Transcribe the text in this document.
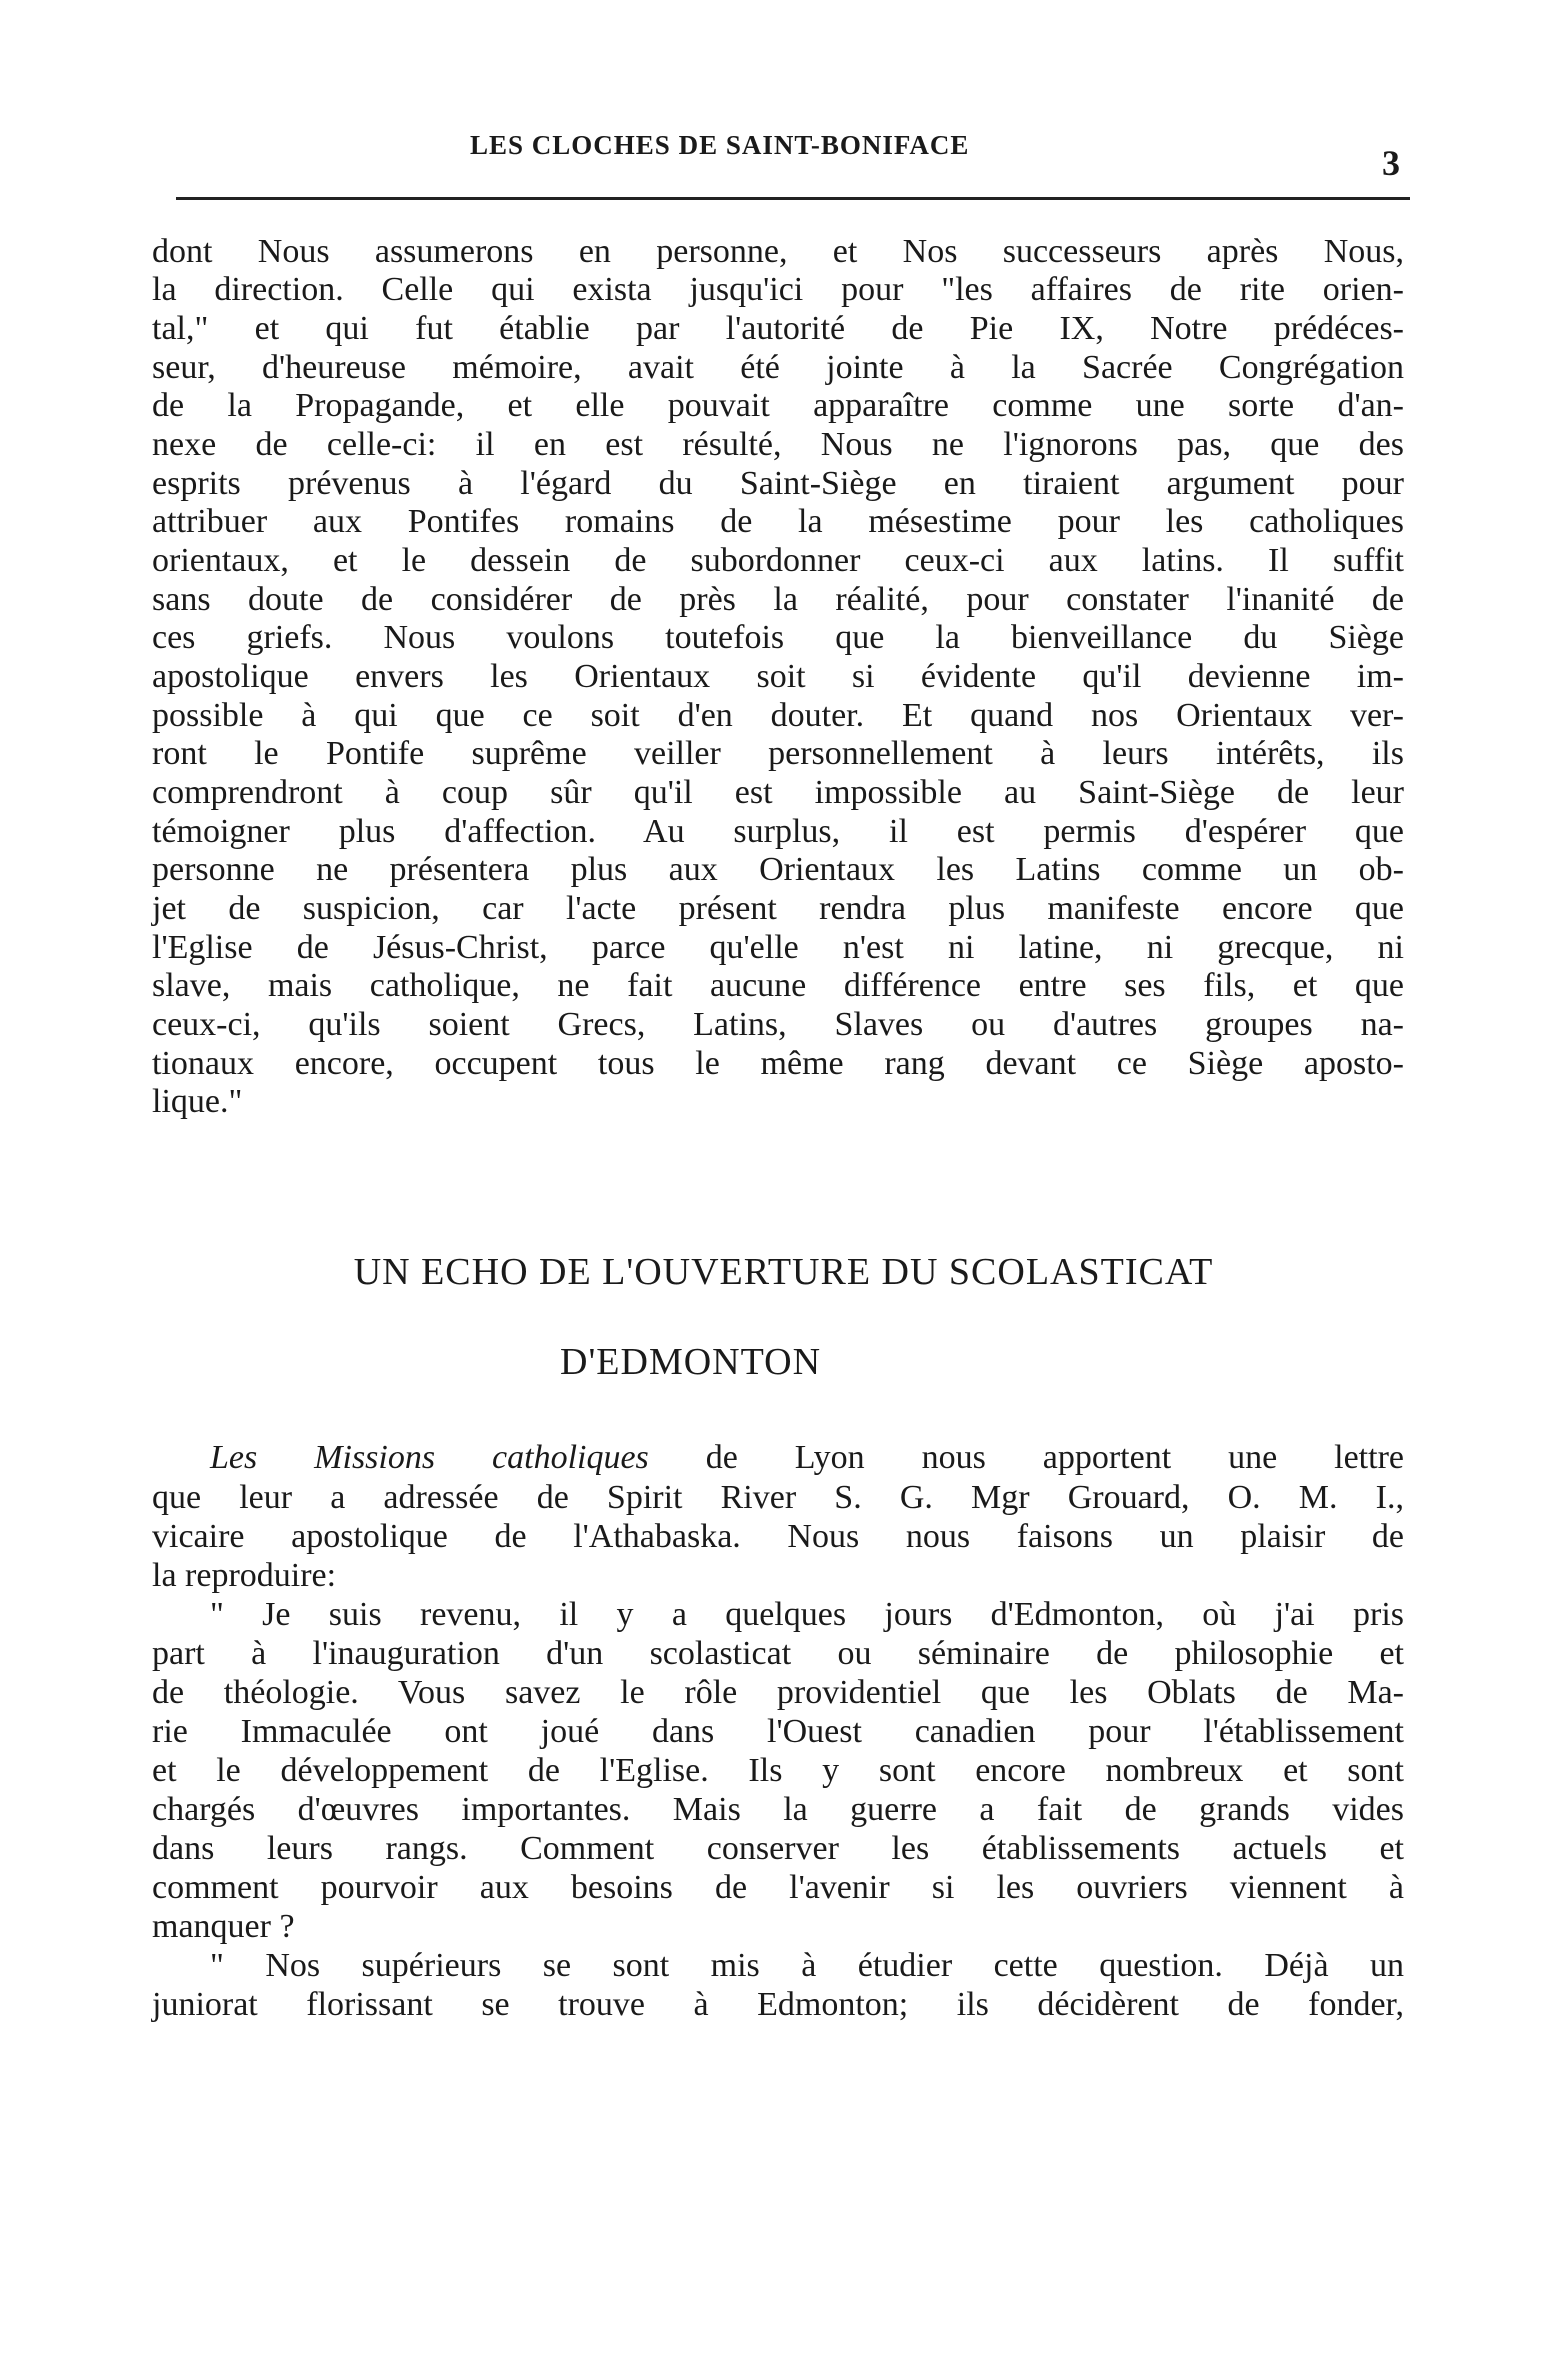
LES CLOCHES DE SAINT-BONIFACE	3
dont Nous assumerons en personne, et Nos successeurs après Nous,
la direction. Celle qui exista jusqu'ici pour "les affaires de rite orien-
tal," et qui fut établie par l'autorité de Pie IX, Notre prédéces-
seur, d'heureuse mémoire, avait été jointe à la Sacrée Congrégation
de la Propagande, et elle pouvait apparaître comme une sorte d'an-
nexe de celle-ci: il en est résulté, Nous ne l'ignorons pas, que des
esprits prévenus à l'égard du Saint-Siège en tiraient argument pour
attribuer aux Pontifes romains de la mésestime pour les catholiques
orientaux, et le dessein de subordonner ceux-ci aux latins. Il suffit
sans doute de considérer de près la réalité, pour constater l'inanité de
ces griefs. Nous voulons toutefois que la bienveillance du Siège
apostolique envers les Orientaux soit si évidente qu'il devienne im-
possible à qui que ce soit d'en douter. Et quand nos Orientaux ver-
ront le Pontife suprême veiller personnellement à leurs intérêts, ils
comprendront à coup sûr qu'il est impossible au Saint-Siège de leur
témoigner plus d'affection. Au surplus, il est permis d'espérer que
personne ne présentera plus aux Orientaux les Latins comme un ob-
jet de suspicion, car l'acte présent rendra plus manifeste encore que
l'Eglise de Jésus-Christ, parce qu'elle n'est ni latine, ni grecque, ni
slave, mais catholique, ne fait aucune différence entre ses fils, et que
ceux-ci, qu'ils soient Grecs, Latins, Slaves ou d'autres groupes na-
tionaux encore, occupent tous le même rang devant ce Siège aposto-
lique."
UN ECHO DE L'OUVERTURE DU SCOLASTICAT
D'EDMONTON
Les Missions catholiques de Lyon nous apportent une lettre
que leur a adressée de Spirit River S. G. Mgr Grouard, O. M. I.,
vicaire apostolique de l'Athabaska. Nous nous faisons un plaisir de
la reproduire:
" Je suis revenu, il y a quelques jours d'Edmonton, où j'ai pris
part à l'inauguration d'un scolasticat ou séminaire de philosophie et
de théologie. Vous savez le rôle providentiel que les Oblats de Ma-
rie Immaculée ont joué dans l'Ouest canadien pour l'établissement
et le développement de l'Eglise. Ils y sont encore nombreux et sont
chargés d'œuvres importantes. Mais la guerre a fait de grands vides
dans leurs rangs. Comment conserver les établissements actuels et
comment pourvoir aux besoins de l'avenir si les ouvriers viennent à
manquer ?
" Nos supérieurs se sont mis à étudier cette question. Déjà un
juniorat florissant se trouve à Edmonton; ils décidèrent de fonder,
